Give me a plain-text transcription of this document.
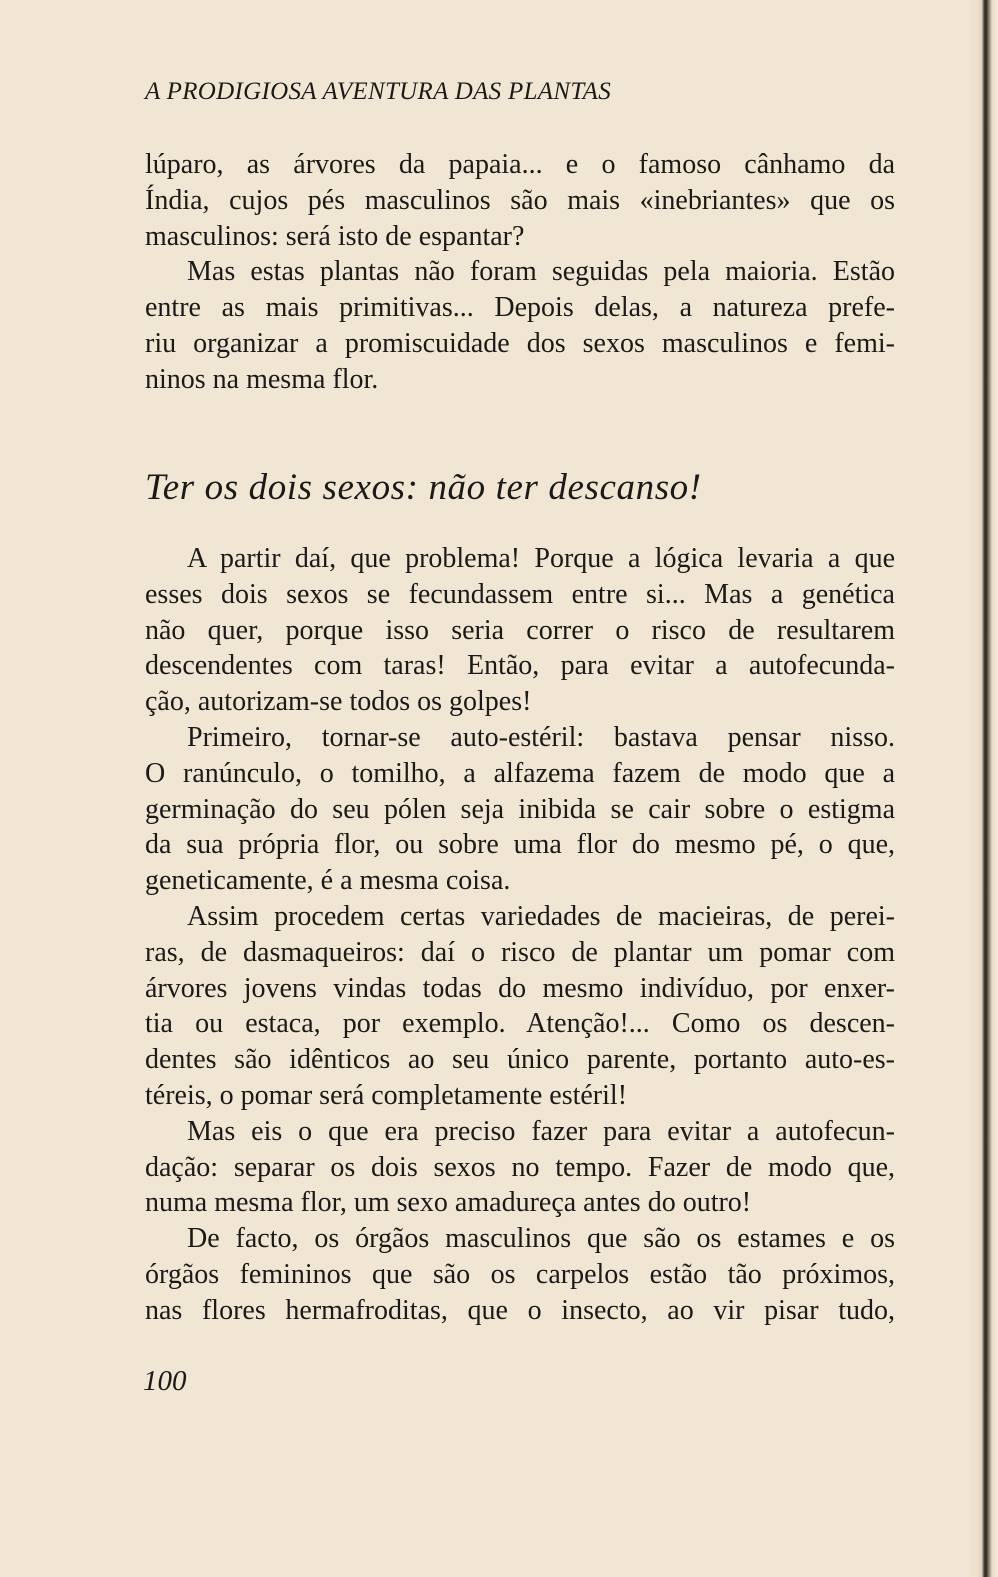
A PRODIGIOSA AVENTURA DAS PLANTAS
lúparo, as árvores da papaia... e o famoso cânhamo da
Índia, cujos pés masculinos são mais «inebriantes» que os
masculinos: será isto de espantar?
Mas estas plantas não foram seguidas pela maioria. Estão
entre as mais primitivas... Depois delas, a natureza prefe-
riu organizar a promiscuidade dos sexos masculinos e femi-
ninos na mesma flor.
Ter os dois sexos: não ter descanso!
A partir daí, que problema! Porque a lógica levaria a que
esses dois sexos se fecundassem entre si... Mas a genética
não quer, porque isso seria correr o risco de resultarem
descendentes com taras! Então, para evitar a autofecunda-
ção, autorizam-se todos os golpes!
Primeiro, tornar-se auto-estéril: bastava pensar nisso.
O ranúnculo, o tomilho, a alfazema fazem de modo que a
germinação do seu pólen seja inibida se cair sobre o estigma
da sua própria flor, ou sobre uma flor do mesmo pé, o que,
geneticamente, é a mesma coisa.
Assim procedem certas variedades de macieiras, de perei-
ras, de dasmaqueiros: daí o risco de plantar um pomar com
árvores jovens vindas todas do mesmo indivíduo, por enxer-
tia ou estaca, por exemplo. Atenção!... Como os descen-
dentes são idênticos ao seu único parente, portanto auto-es-
téreis, o pomar será completamente estéril!
Mas eis o que era preciso fazer para evitar a autofecun-
dação: separar os dois sexos no tempo. Fazer de modo que,
numa mesma flor, um sexo amadureça antes do outro!
De facto, os órgãos masculinos que são os estames e os
órgãos femininos que são os carpelos estão tão próximos,
nas flores hermafroditas, que o insecto, ao vir pisar tudo,
100
